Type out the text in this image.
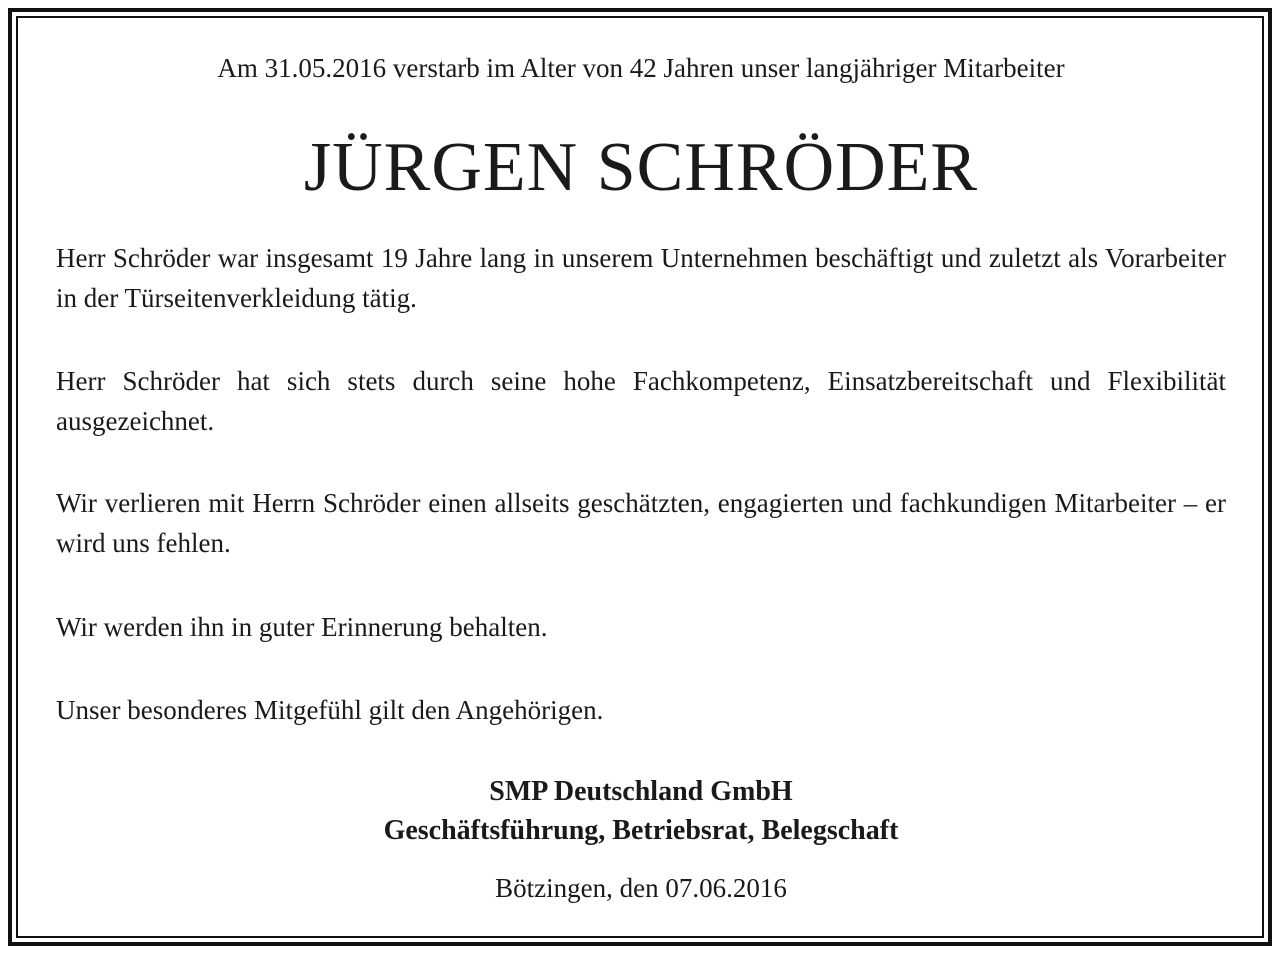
Am 31.05.2016 verstarb im Alter von 42 Jahren unser langjähriger Mitarbeiter
JÜRGEN SCHRÖDER

Herr Schröder war insgesamt 19 Jahre lang in unserem Unternehmen beschäftigt und zuletzt als Vorarbeiter in der Türseitenverkleidung tätig.

Herr Schröder hat sich stets durch seine hohe Fachkompetenz, Einsatzbereitschaft und Flexibilität ausgezeichnet.

Wir verlieren mit Herrn Schröder einen allseits geschätzten, engagierten und fachkundigen Mitarbeiter – er wird uns fehlen.

Wir werden ihn in guter Erinnerung behalten.

Unser besonderes Mitgefühl gilt den Angehörigen.

SMP Deutschland GmbH
Geschäftsführung, Betriebsrat, Belegschaft
Bötzingen, den 07.06.2016
